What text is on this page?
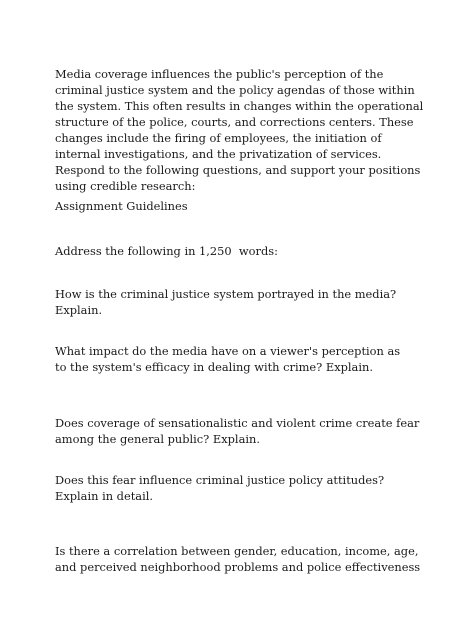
Media coverage influences the public's perception of the
criminal justice system and the policy agendas of those within
the system. This often results in changes within the operational
structure of the police, courts, and corrections centers. These
changes include the firing of employees, the initiation of
internal investigations, and the privatization of services.
Respond to the following questions, and support your positions
using credible research:

Assignment Guidelines

Address the following in 1,250  words:

How is the criminal justice system portrayed in the media?
Explain.

What impact do the media have on a viewer's perception as
to the system's efficacy in dealing with crime? Explain.

Does coverage of sensationalistic and violent crime create fear
among the general public? Explain.

Does this fear influence criminal justice policy attitudes?
Explain in detail.

Is there a correlation between gender, education, income, age,
and perceived neighborhood problems and police effectiveness
